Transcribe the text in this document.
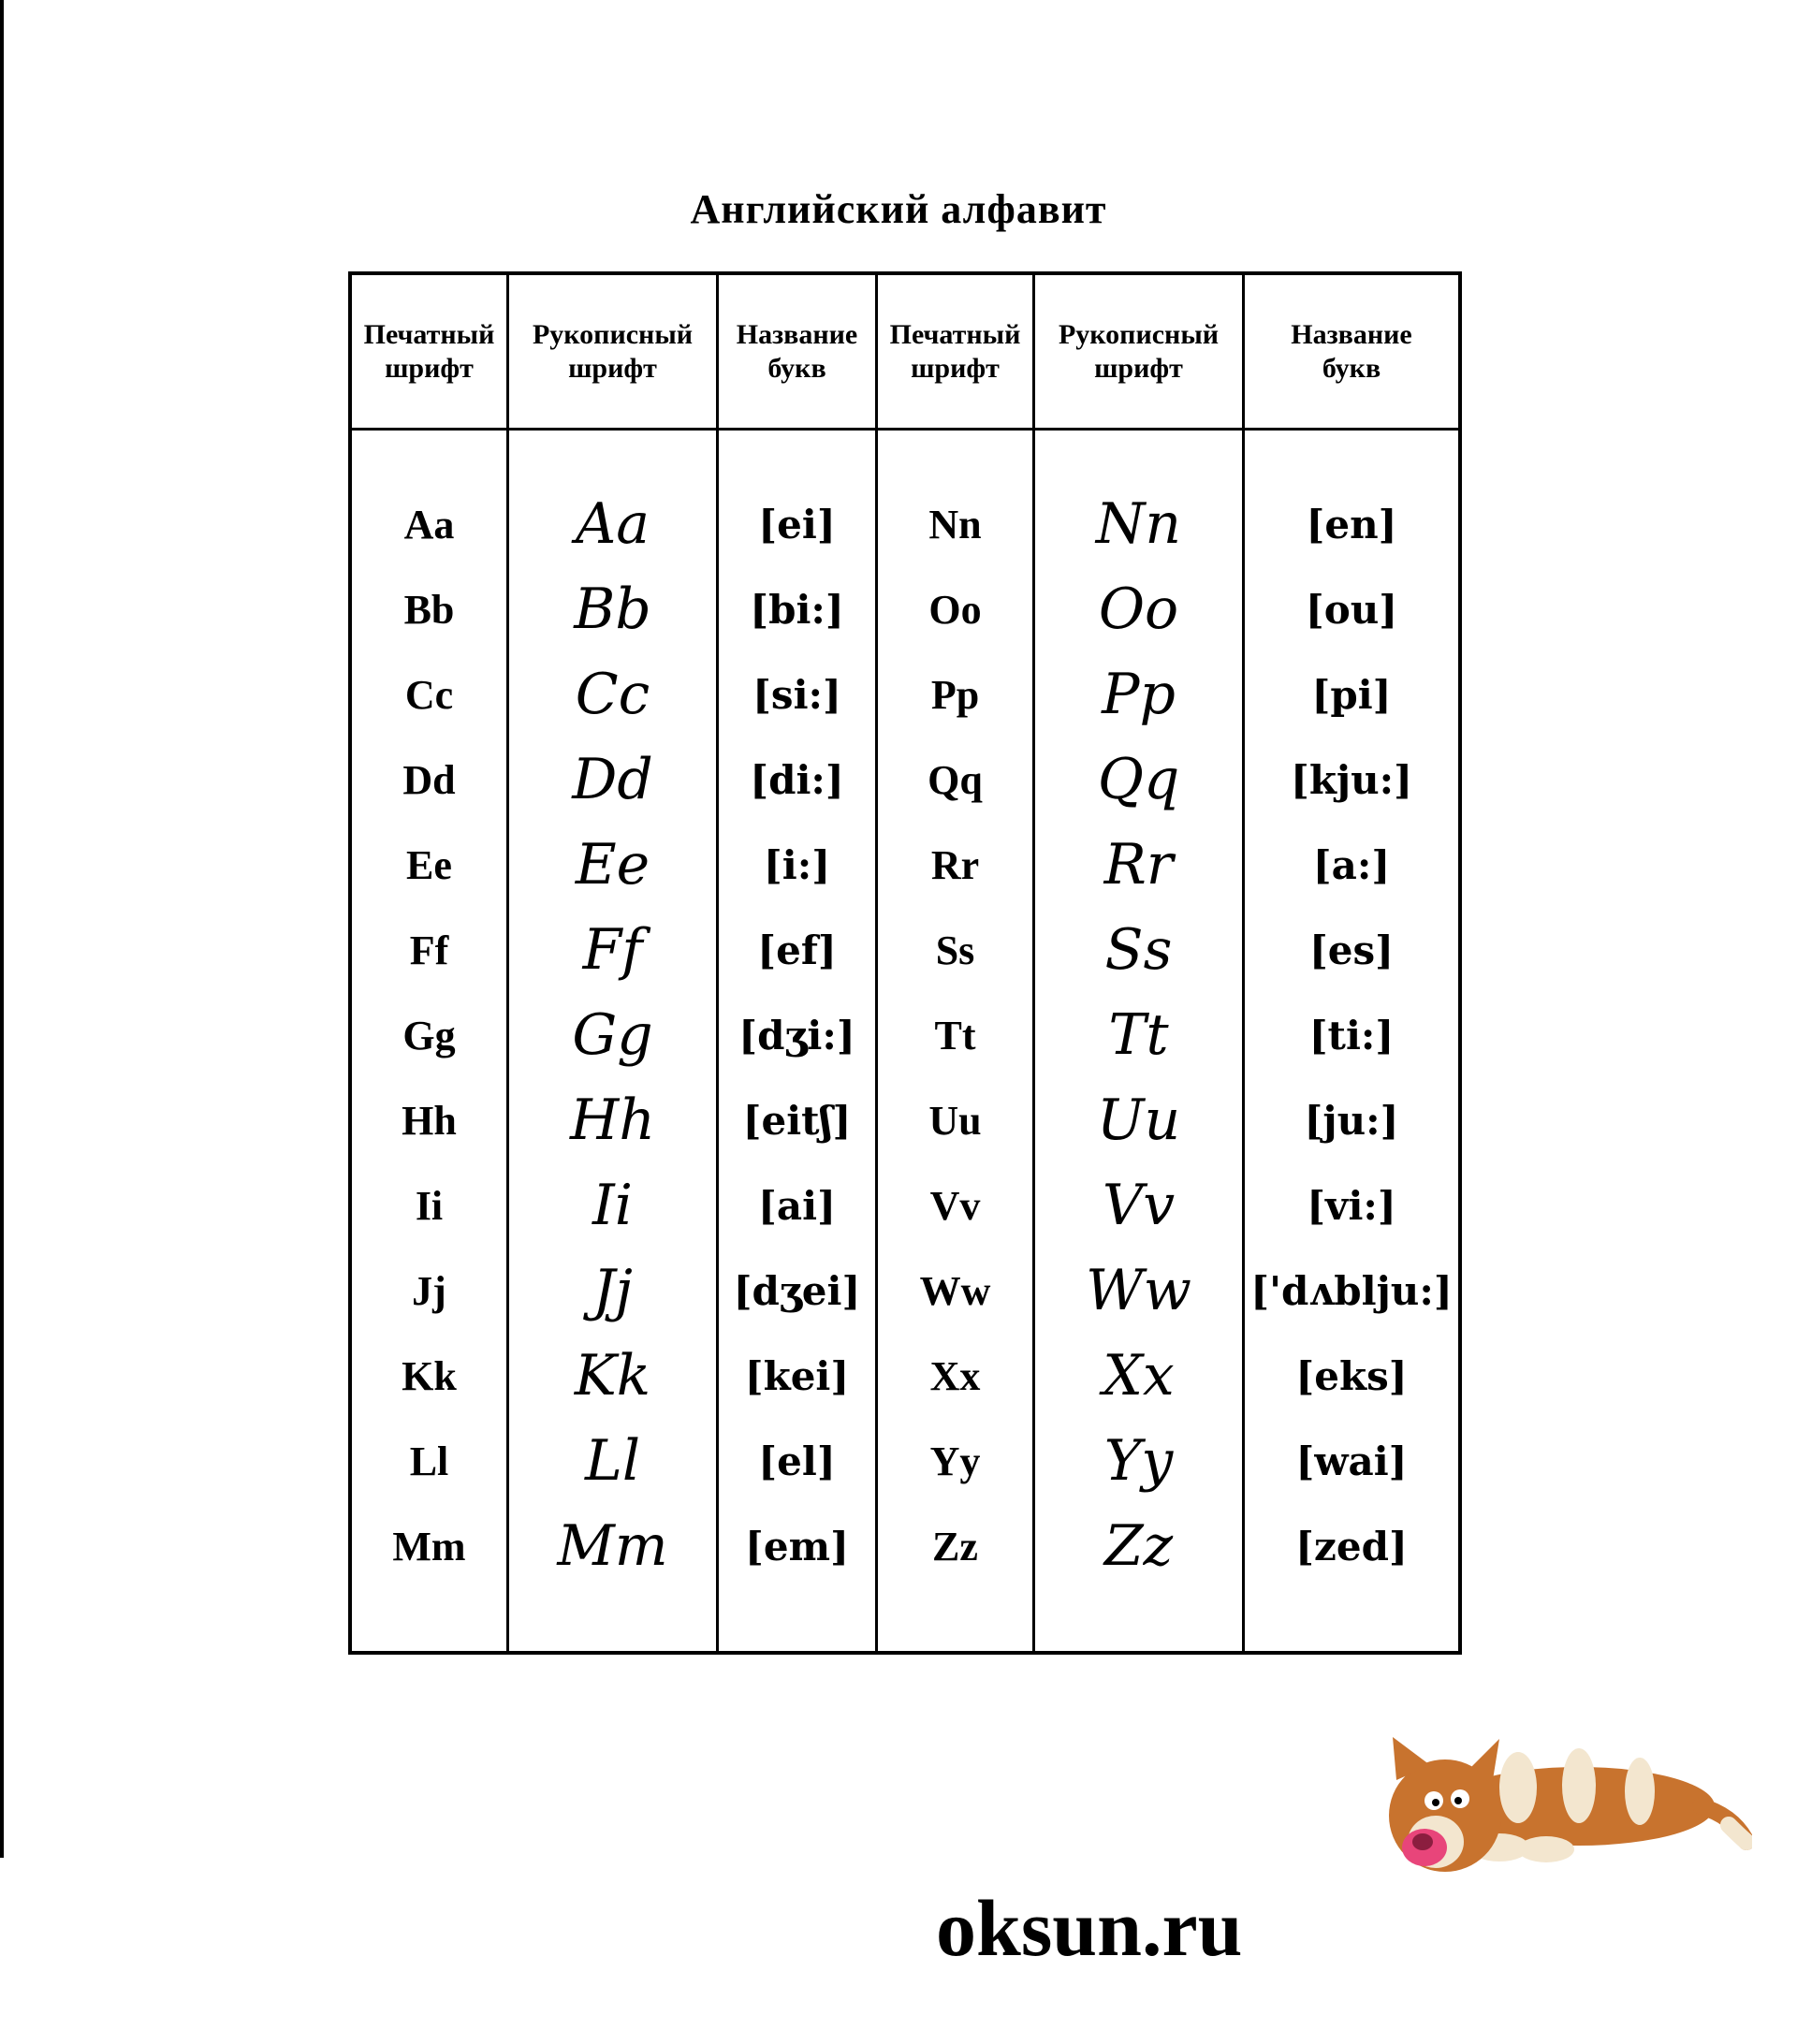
Английский алфавит
Печатный
шрифт
Рукописный
шрифт
Название
букв
Печатный
шрифт
Рукописный
шрифт
Название
букв
Aa
Bb
Cc
Dd
Ee
Ff
Gg
Hh
Ii
Jj
Kk
Ll
Mm
Aa
Bb
Cc
Dd
Ee
Ff
Gg
Hh
Ii
Jj
Kk
Ll
Mm
[ei]
[bi:]
[si:]
[di:]
[i:]
[ef]
[dʒi:]
[eitʃ]
[ai]
[dʒei]
[kei]
[el]
[em]
Nn
Oo
Pp
Qq
Rr
Ss
Tt
Uu
Vv
Ww
Xx
Yy
Zz
Nn
Oo
Pp
Qq
Rr
Ss
Tt
Uu
Vv
Ww
Xx
Yy
Zz
[en]
[ou]
[pi]
[kju:]
[a:]
[es]
[ti:]
[ju:]
[vi:]
['dʌblju:]
[eks]
[wai]
[zed]
oksun.ru
